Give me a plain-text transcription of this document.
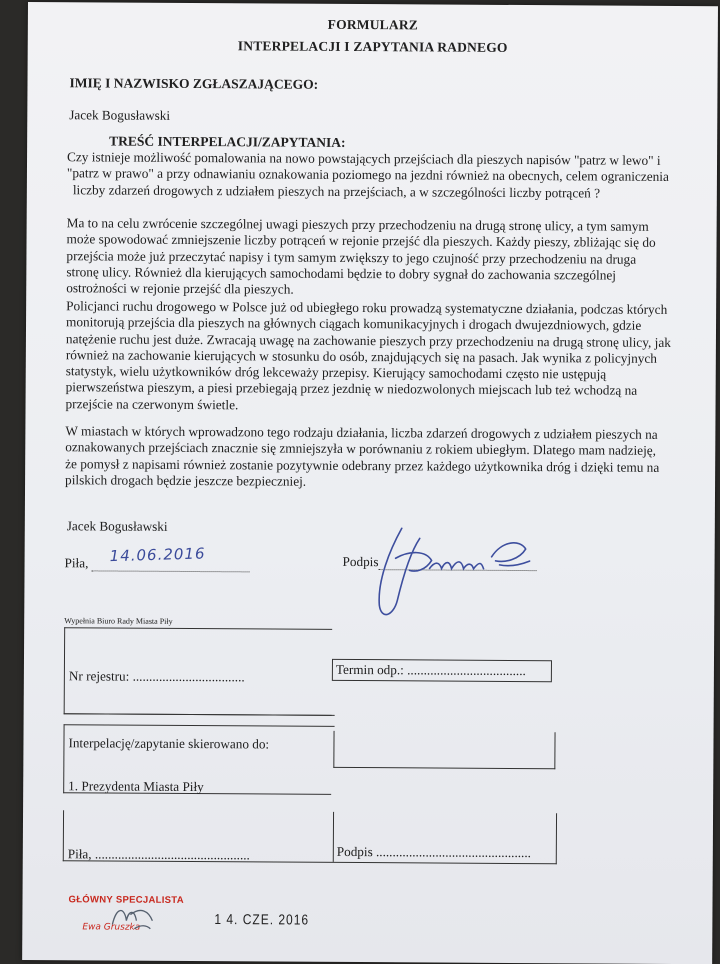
FORMULARZ
INTERPELACJI I ZAPYTANIA RADNEGO
IMIĘ I NAZWISKO ZGŁASZAJĄCEGO:
Jacek Bogusławski
TREŚĆ INTERPELACJI/ZAPYTANIA:
Czy istnieje możliwość pomalowania na nowo powstających przejściach dla pieszych napisów "patrz w lewo" i
"patrz w prawo" a przy odnawianiu oznakowania poziomego na jezdni również na obecnych, celem ograniczenia
liczby zdarzeń drogowych z udziałem pieszych na przejściach, a w szczególności liczby potrąceń ?
Ma to na celu zwrócenie szczególnej uwagi pieszych przy przechodzeniu na drugą stronę ulicy, a tym samym
może spowodować zmniejszenie liczby potrąceń w rejonie przejść dla pieszych. Każdy pieszy, zbliżając się do
przejścia może już przeczytać napisy i tym samym zwiększy to jego czujność przy przechodzeniu na druga
stronę ulicy. Również dla kierujących samochodami będzie to dobry sygnał do zachowania szczególnej
ostrożności w rejonie przejść dla pieszych.
Policjanci ruchu drogowego w Polsce już od ubiegłego roku prowadzą systematyczne działania, podczas których
monitorują przejścia dla pieszych na głównych ciągach komunikacyjnych i drogach dwujezdniowych, gdzie
natężenie ruchu jest duże. Zwracają uwagę na zachowanie pieszych przy przechodzeniu na drugą stronę ulicy, jak
również na zachowanie kierujących w stosunku do osób, znajdujących się na pasach. Jak wynika z policyjnych
statystyk, wielu użytkowników dróg lekceważy przepisy. Kierujący samochodami często nie ustępują
pierwszeństwa pieszym, a piesi przebiegają przez jezdnię w niedozwolonych miejscach lub też wchodzą na
przejście na czerwonym świetle.
W miastach w których wprowadzono tego rodzaju działania, liczba zdarzeń drogowych z udziałem pieszych na
oznakowanych przejściach znacznie się zmniejszyła w porównaniu z rokiem ubiegłym. Dlatego mam nadzieję,
że pomysł z napisami również zostanie pozytywnie odebrany przez każdego użytkownika dróg i dzięki temu na
pilskich drogach będzie jeszcze bezpieczniej.
Jacek Bogusławski
Piła, 14.06.2016	Podpis
Wypełnia Biuro Rady Miasta Piły
Nr rejestru: ..................................	Termin odp.: ....................................
Interpelację/zapytanie skierowano do:
1. Prezydenta Miasta Piły
Piła, ...............................................	Podpis ...............................................
GŁÓWNY SPECJALISTA
Ewa Gruszka	1 4. CZE. 2016
